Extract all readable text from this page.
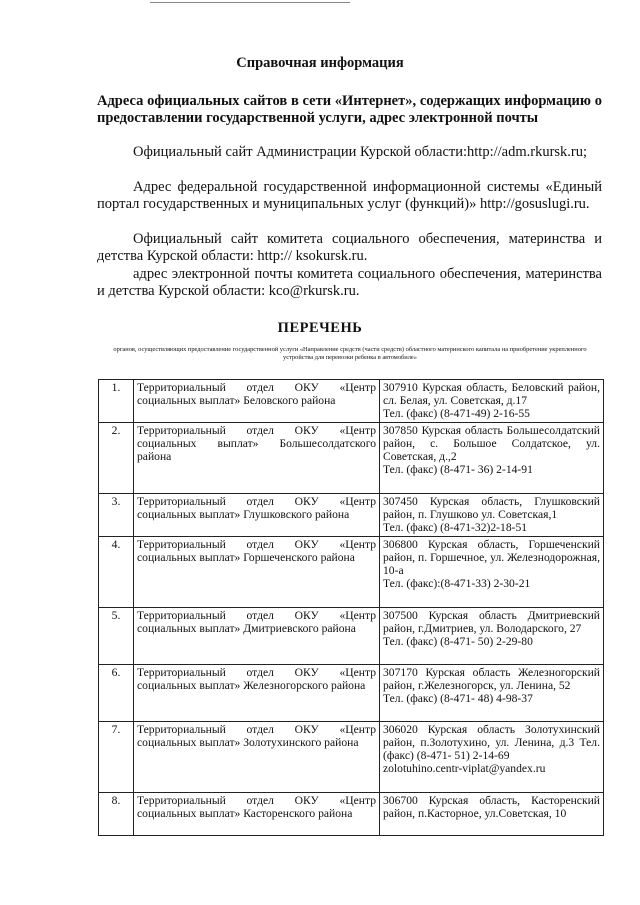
Справочная информация
Адреса официальных сайтов в сети «Интернет», содержащих информацию о предоставлении государственной услуги, адрес электронной почты
Официальный сайт Администрации Курской области:http://adm.rkursk.ru;
Адрес федеральной государственной информационной системы «Единый портал государственных и муниципальных услуг (функций)» http://gosuslugi.ru.
Официальный сайт комитета социального обеспечения, материнства и детства Курской области: http:// ksokursk.ru.
адрес электронной почты комитета социального обеспечения, материнства и детства Курской области: kco@rkursk.ru.
ПЕРЕЧЕНЬ
органов, осуществляющих предоставление государственной услуги «Направление средств (части средств) областного материнского капитала на приобретение укрепленного устройства для перевозки ребенка в автомобиле»
1.	Территориальный отдел ОКУ «Центр социальных выплат» Беловского района	307910 Курская область, Беловский район, сл. Белая, ул. Советская, д.17
Тел. (факс) (8-471-49) 2-16-55

2.	Территориальный отдел ОКУ «Центр социальных выплат» Большесолдатского района	307850 Курская область Большесолдатский район, с. Большое Солдатское, ул. Советская, д.,2
Тел. (факс) (8-471- 36) 2-14-91

3.	Территориальный отдел ОКУ «Центр социальных выплат» Глушковского района	307450 Курская область, Глушковский район, п. Глушково ул. Советская,1
Тел. (факс) (8-471-32)2-18-51

4.	Территориальный отдел ОКУ «Центр социальных выплат» Горшеченского района	306800 Курская область, Горшеченский район, п. Горшечное, ул. Железнодорожная, 10-а
Тел. (факс):(8-471-33) 2-30-21

5.	Территориальный отдел ОКУ «Центр социальных выплат» Дмитриевского района	307500 Курская область Дмитриевский район, г.Дмитриев, ул. Володарского, 27
Тел. (факс) (8-471- 50) 2-29-80

6.	Территориальный отдел ОКУ «Центр социальных выплат» Железногорского района	307170 Курская область Железногорский район, г.Железногорск, ул. Ленина, 52
Тел. (факс) (8-471- 48) 4-98-37

7.	Территориальный отдел ОКУ «Центр социальных выплат» Золотухинского района	306020 Курская область Золотухинский район, п.Золотухино, ул. Ленина, д.3 Тел. (факс) (8-471- 51) 2-14-69
zolotuhino.centr-viplat@yandex.ru

8.	Территориальный отдел ОКУ «Центр социальных выплат» Касторенского района	306700 Курская область, Касторенский район, п.Касторное, ул.Советская, 10
